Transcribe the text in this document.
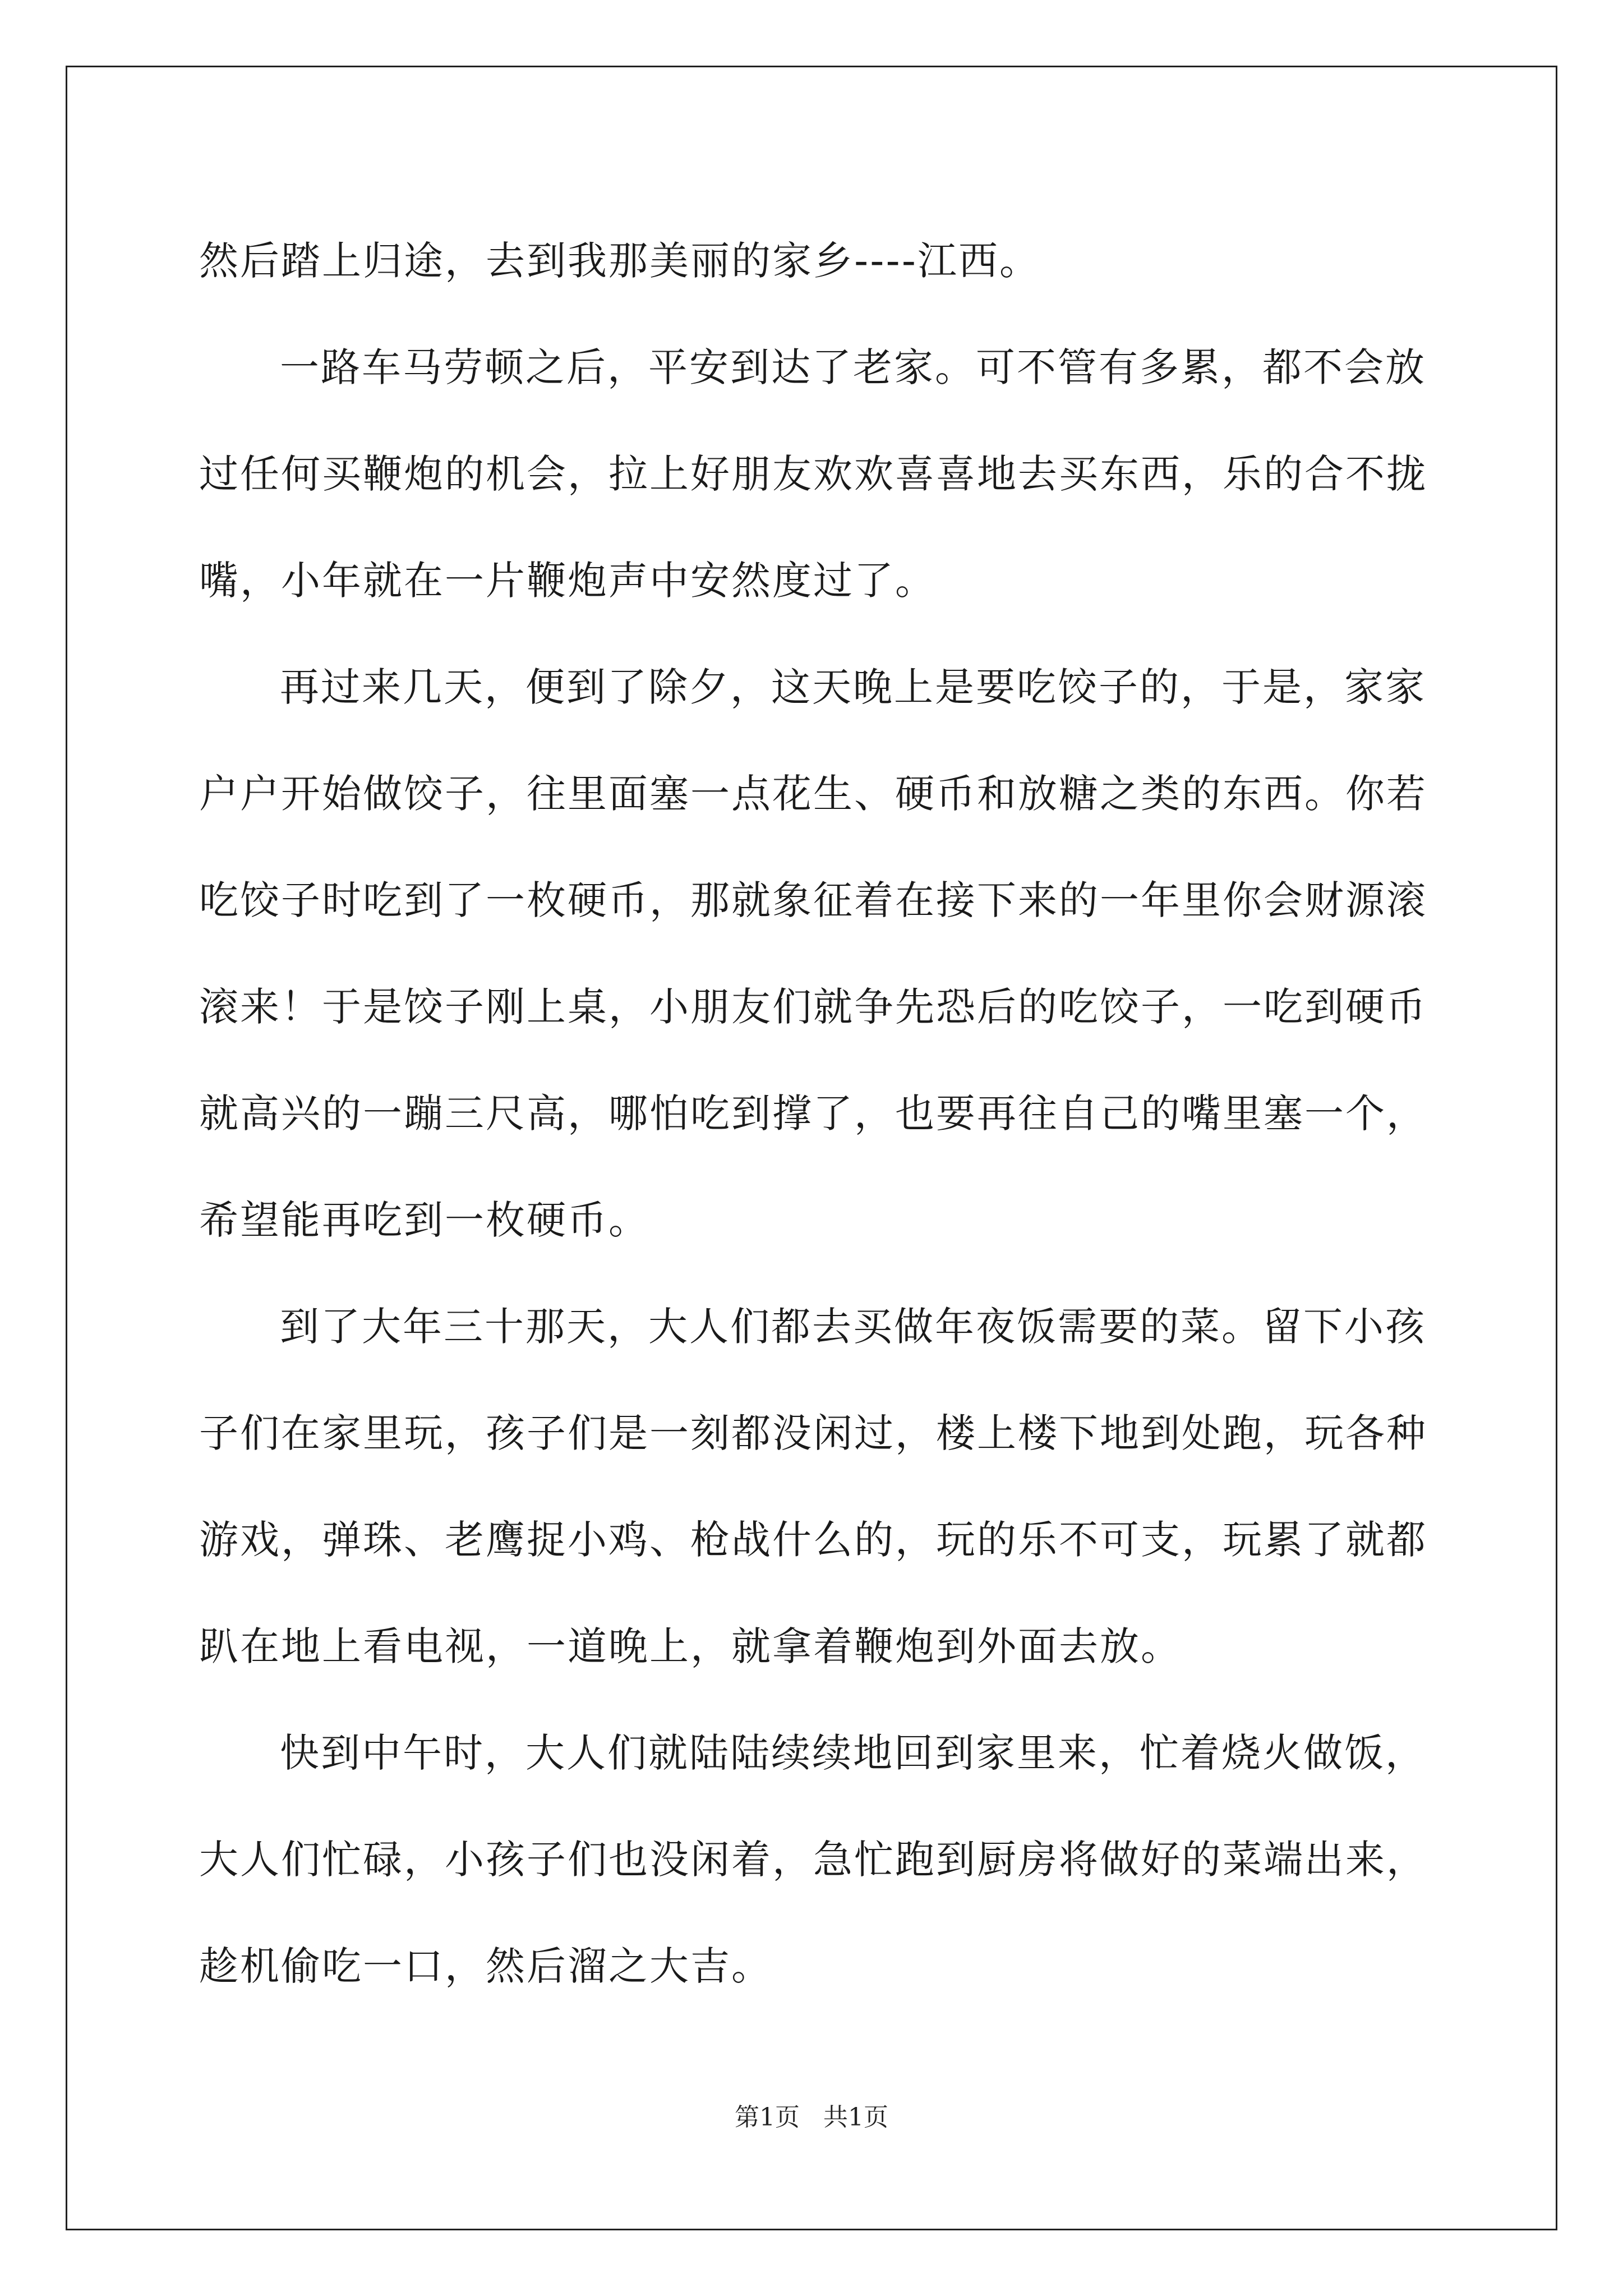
然后踏上归途，去到我那美丽的家乡----江西。
一路车马劳顿之后，平安到达了老家。可不管有多累，都不会放
过任何买鞭炮的机会，拉上好朋友欢欢喜喜地去买东西，乐的合不拢
嘴，小年就在一片鞭炮声中安然度过了。
再过来几天，便到了除夕，这天晚上是要吃饺子的，于是，家家
户户开始做饺子，往里面塞一点花生、硬币和放糖之类的东西。你若
吃饺子时吃到了一枚硬币，那就象征着在接下来的一年里你会财源滚
滚来！于是饺子刚上桌，小朋友们就争先恐后的吃饺子，一吃到硬币
就高兴的一蹦三尺高，哪怕吃到撑了，也要再往自己的嘴里塞一个，
希望能再吃到一枚硬币。
到了大年三十那天，大人们都去买做年夜饭需要的菜。留下小孩
子们在家里玩，孩子们是一刻都没闲过，楼上楼下地到处跑，玩各种
游戏，弹珠、老鹰捉小鸡、枪战什么的，玩的乐不可支，玩累了就都
趴在地上看电视，一道晚上，就拿着鞭炮到外面去放。
快到中午时，大人们就陆陆续续地回到家里来，忙着烧火做饭，
大人们忙碌，小孩子们也没闲着，急忙跑到厨房将做好的菜端出来，
趁机偷吃一口，然后溜之大吉。
第1页   共1页
